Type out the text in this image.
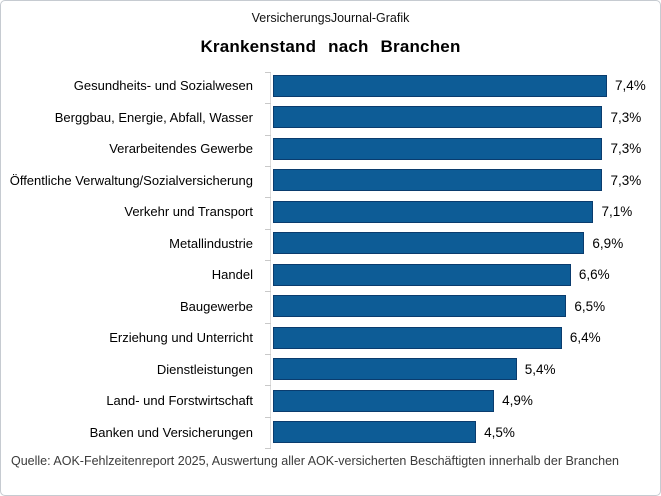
VersicherungsJournal-Grafik
Krankenstand nach Branchen
Gesundheits- und Sozialwesen	7,4%
Berggbau, Energie, Abfall, Wasser	7,3%
Verarbeitendes Gewerbe	7,3%
Öffentliche Verwaltung/Sozialversicherung	7,3%
Verkehr und Transport	7,1%
Metallindustrie	6,9%
Handel	6,6%
Baugewerbe	6,5%
Erziehung und Unterricht	6,4%
Dienstleistungen	5,4%
Land- und Forstwirtschaft	4,9%
Banken und Versicherungen	4,5%
Quelle: AOK-Fehlzeitenreport 2025, Auswertung aller AOK-versicherten Beschäftigten innerhalb der Branchen
